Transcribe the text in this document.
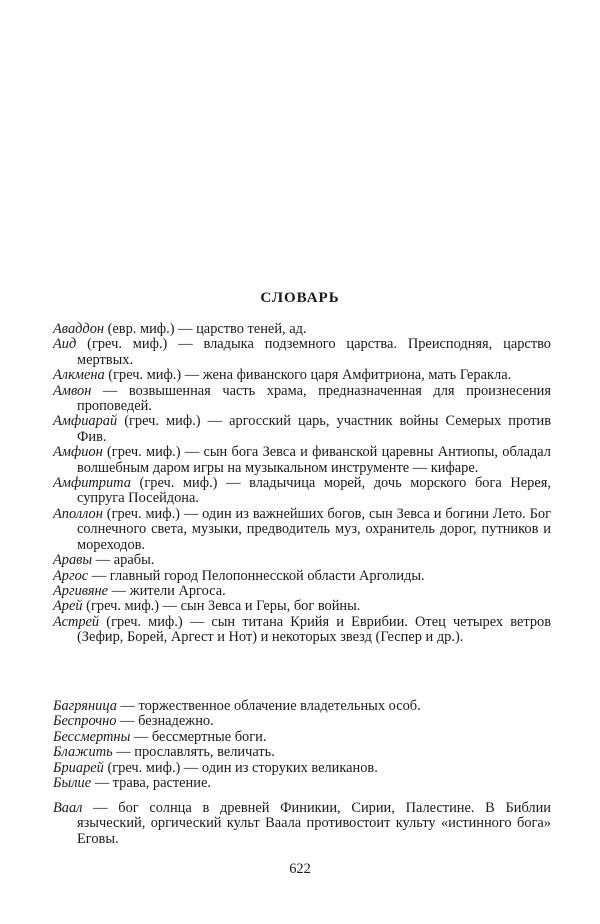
СЛОВАРЬ

Аваддон (евр. миф.) — царство теней, ад.

Аид (греч. миф.) — владыка подземного царства. Преисподняя, царство мертвых.

Алкмена (греч. миф.) — жена фиванского царя Амфитриона, мать Геракла.

Амвон — возвышенная часть храма, предназначенная для произнесения проповедей.

Амфиарай (греч. миф.) — аргосский царь, участник войны Семерых против Фив.

Амфион (греч. миф.) — сын бога Зевса и фиванской царевны Антиопы, обладал волшебным даром игры на музыкальном инструменте — кифаре.

Амфитрита (греч. миф.) — владычица морей, дочь морского бога Нерея, супруга Посейдона.

Аполлон (греч. миф.) — один из важнейших богов, сын Зевса и богини Лето. Бог солнечного света, музыки, предводитель муз, охранитель дорог, путников и мореходов.

Аравы — арабы.

Аргос — главный город Пелопоннесской области Арголиды.

Аргивяне — жители Аргоса.

Арей (греч. миф.) — сын Зевса и Геры, бог войны.

Астрей (греч. миф.) — сын титана Крийя и Еврибии. Отец четырех ветров (Зефир, Борей, Аргест и Нот) и некоторых звезд (Геспер и др.).

Багряница — торжественное облачение владетельных особ.

Беспрочно — безнадежно.

Бессмертны — бессмертные боги.

Блажить — прославлять, величать.

Бриарей (греч. миф.) — один из сторуких великанов.

Былие — трава, растение.

Ваал — бог солнца в древней Финикии, Сирии, Палестине. В Библии языческий, оргический культ Ваала противостоит культу «истинного бога» Еговы.

622
